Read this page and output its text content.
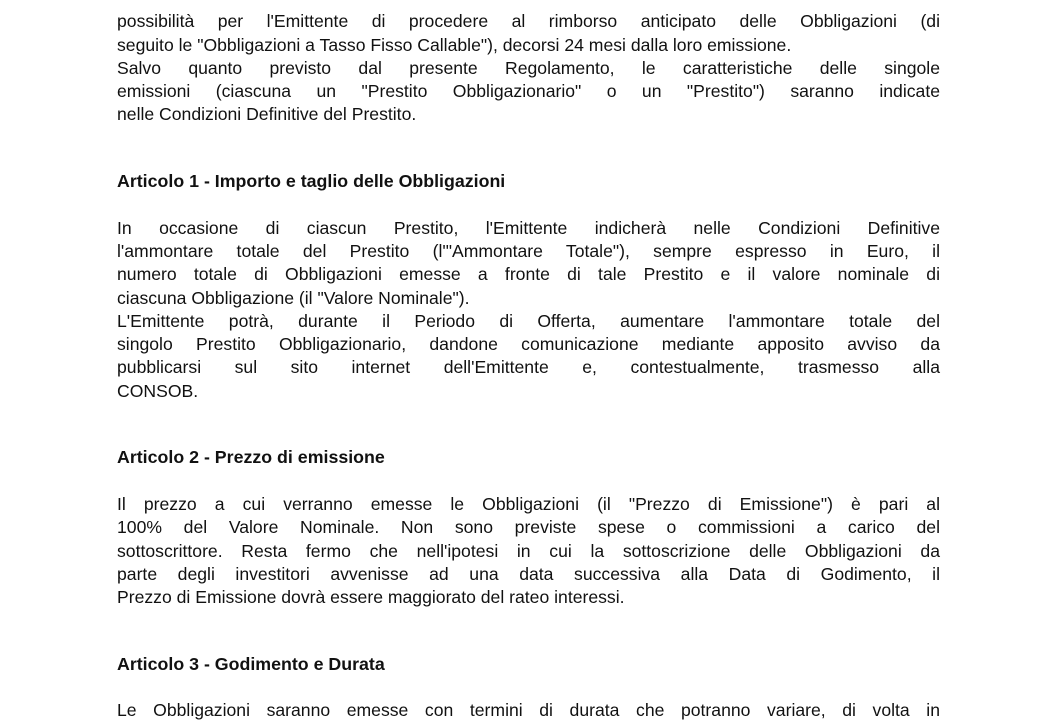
possibilità per l'Emittente di procedere al rimborso anticipato delle Obbligazioni (di
seguito le "Obbligazioni a Tasso Fisso Callable"), decorsi 24 mesi dalla loro emissione.
Salvo quanto previsto dal presente Regolamento, le caratteristiche delle singole
emissioni (ciascuna un "Prestito Obbligazionario" o un "Prestito") saranno indicate
nelle Condizioni Definitive del Prestito.
Articolo 1 - Importo e taglio delle Obbligazioni
In occasione di ciascun Prestito, l'Emittente indicherà nelle Condizioni Definitive
l'ammontare totale del Prestito (l'"Ammontare Totale"), sempre espresso in Euro, il
numero totale di Obbligazioni emesse a fronte di tale Prestito e il valore nominale di
ciascuna Obbligazione (il "Valore Nominale").
L'Emittente potrà, durante il Periodo di Offerta, aumentare l'ammontare totale del
singolo Prestito Obbligazionario, dandone comunicazione mediante apposito avviso da
pubblicarsi sul sito internet dell'Emittente e, contestualmente, trasmesso alla
CONSOB.
Articolo 2 - Prezzo di emissione
Il prezzo a cui verranno emesse le Obbligazioni (il "Prezzo di Emissione") è pari al
100% del Valore Nominale. Non sono previste spese o commissioni a carico del
sottoscrittore. Resta fermo che nell'ipotesi in cui la sottoscrizione delle Obbligazioni da
parte degli investitori avvenisse ad una data successiva alla Data di Godimento, il
Prezzo di Emissione dovrà essere maggiorato del rateo interessi.
Articolo 3 - Godimento e Durata
Le Obbligazioni saranno emesse con termini di durata che potranno variare, di volta in
